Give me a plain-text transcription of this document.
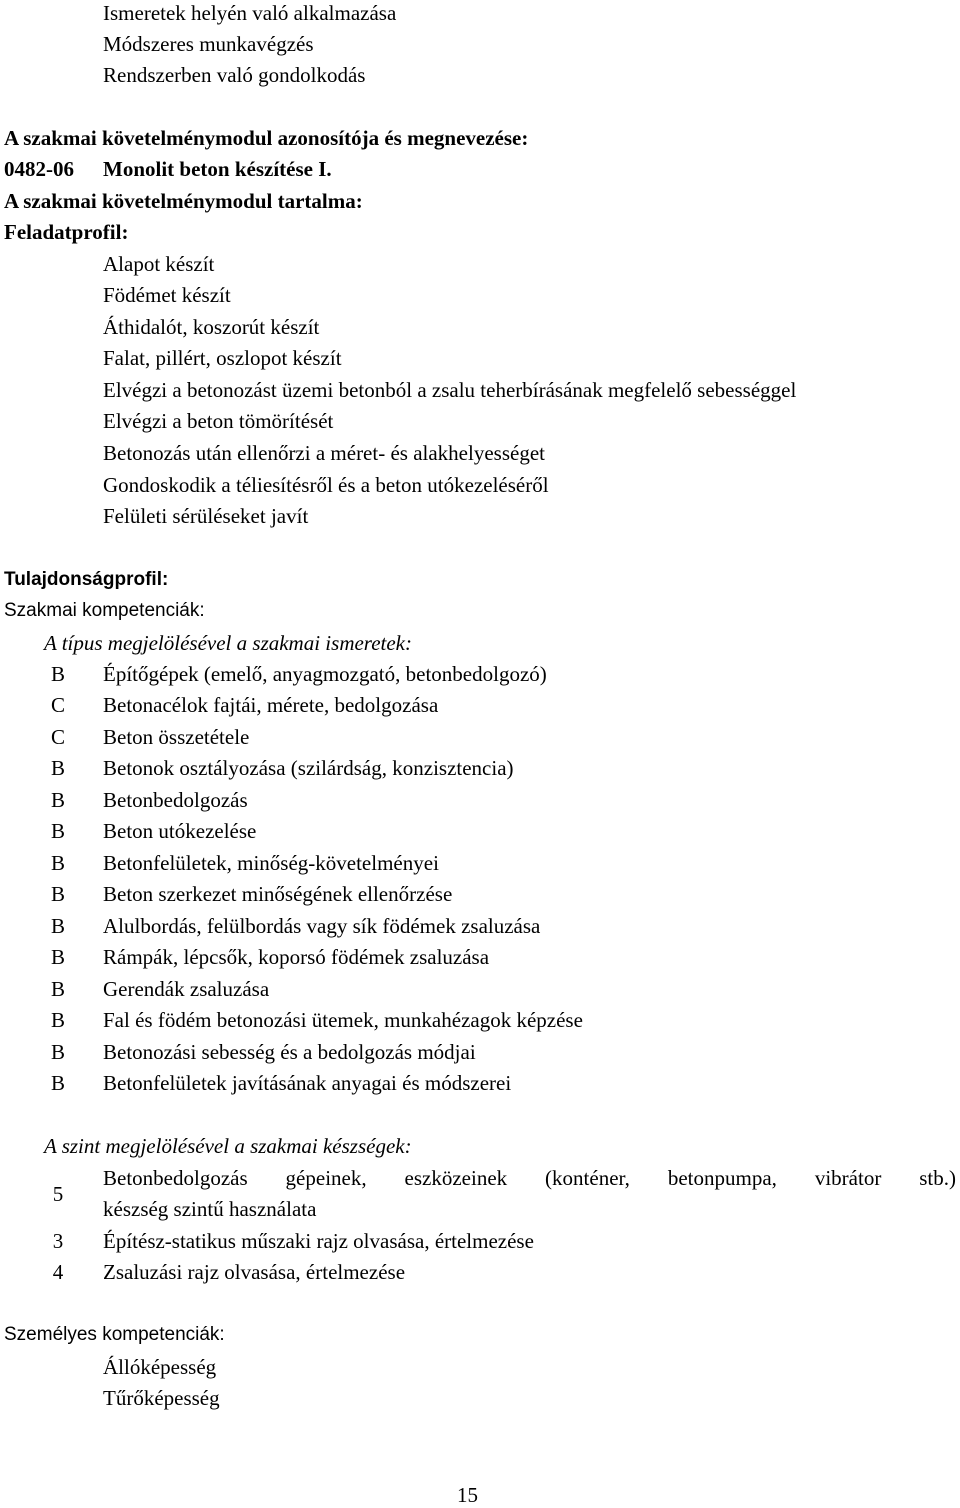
Ismeretek helyén való alkalmazása
Módszeres munkavégzés
Rendszerben való gondolkodás
A szakmai követelménymodul azonosítója és megnevezése:
0482-06 Monolit beton készítése I.
A szakmai követelménymodul tartalma:
Feladatprofil:
Alapot készít
Födémet készít
Áthidalót, koszorút készít
Falat, pillért, oszlopot készít
Elvégzi a betonozást üzemi betonból a zsalu teherbírásának megfelelő sebességgel
Elvégzi a beton tömörítését
Betonozás után ellenőrzi a méret- és alakhelyességet
Gondoskodik a téliesítésről és a beton utókezeléséről
Felületi sérüléseket javít
Tulajdonságprofil:
Szakmai kompetenciák:
A típus megjelölésével a szakmai ismeretek:
B Építőgépek (emelő, anyagmozgató, betonbedolgozó)
C Betonacélok fajtái, mérete, bedolgozása
C Beton összetétele
B Betonok osztályozása (szilárdság, konzisztencia)
B Betonbedolgozás
B Beton utókezelése
B Betonfelületek, minőség-követelményei
B Beton szerkezet minőségének ellenőrzése
B Alulbordás, felülbordás vagy sík födémek zsaluzása
B Rámpák, lépcsők, koporsó födémek zsaluzása
B Gerendák zsaluzása
B Fal és födém betonozási ütemek, munkahézagok képzése
B Betonozási sebesség és a bedolgozás módjai
B Betonfelületek javításának anyagai és módszerei
A szint megjelölésével a szakmai készségek:
5
Betonbedolgozás gépeinek, eszközeinek (konténer, betonpumpa, vibrátor stb.)
készség szintű használata
3 Építész-statikus műszaki rajz olvasása, értelmezése
4 Zsaluzási rajz olvasása, értelmezése
Személyes kompetenciák:
Állóképesség
Tűrőképesség
15
